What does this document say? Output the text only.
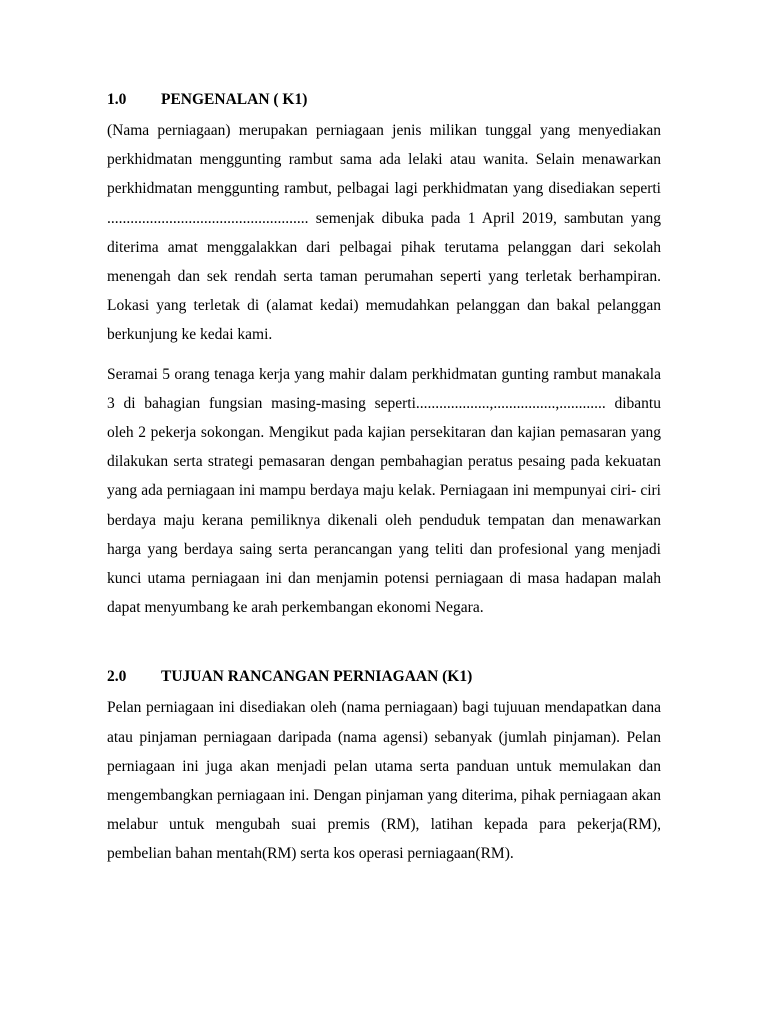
1.0 PENGENALAN ( K1)

(Nama perniagaan) merupakan perniagaan jenis milikan tunggal yang menyediakan perkhidmatan menggunting rambut sama ada lelaki atau wanita. Selain menawarkan perkhidmatan menggunting rambut, pelbagai lagi perkhidmatan yang disediakan seperti .................................................... semenjak dibuka pada 1 April 2019, sambutan yang diterima amat menggalakkan dari pelbagai pihak terutama pelanggan dari sekolah menengah dan sek rendah serta taman perumahan seperti yang terletak berhampiran. Lokasi yang terletak di (alamat kedai) memudahkan pelanggan dan bakal pelanggan berkunjung ke kedai kami.

Seramai 5 orang tenaga kerja yang mahir dalam perkhidmatan gunting rambut manakala 3 di bahagian fungsian masing-masing seperti...................,................,............ dibantu oleh 2 pekerja sokongan. Mengikut pada kajian persekitaran dan kajian pemasaran yang dilakukan serta strategi pemasaran dengan pembahagian peratus pesaing pada kekuatan yang ada perniagaan ini mampu berdaya maju kelak. Perniagaan ini mempunyai ciri- ciri berdaya maju kerana pemiliknya dikenali oleh penduduk tempatan dan menawarkan harga yang berdaya saing serta perancangan yang teliti dan profesional yang menjadi kunci utama perniagaan ini dan menjamin potensi perniagaan di masa hadapan malah dapat menyumbang ke arah perkembangan ekonomi Negara.

2.0 TUJUAN RANCANGAN PERNIAGAAN (K1)

Pelan perniagaan ini disediakan oleh (nama perniagaan) bagi tujuuan mendapatkan dana atau pinjaman perniagaan daripada (nama agensi) sebanyak (jumlah pinjaman). Pelan perniagaan ini juga akan menjadi pelan utama serta panduan untuk memulakan dan mengembangkan perniagaan ini. Dengan pinjaman yang diterima, pihak perniagaan akan melabur untuk mengubah suai premis (RM), latihan kepada para pekerja(RM), pembelian bahan mentah(RM) serta kos operasi perniagaan(RM).
